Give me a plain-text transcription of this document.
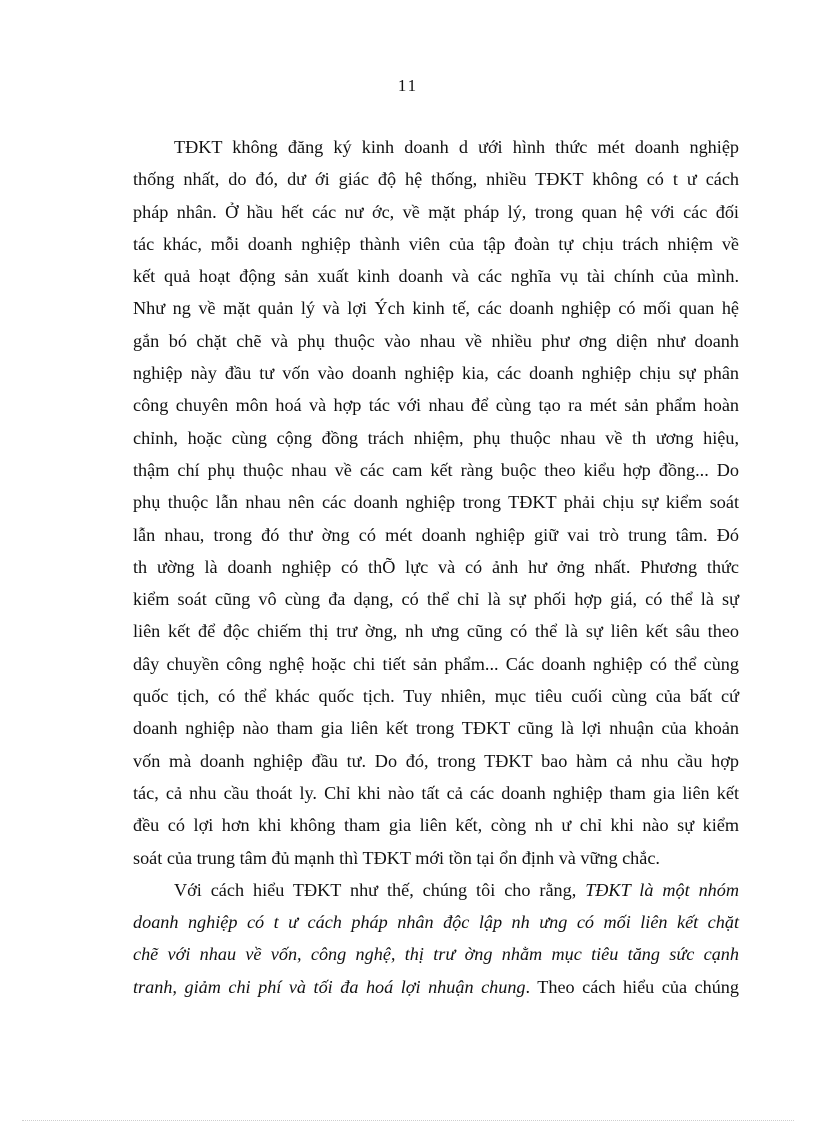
11
TĐKT không đăng ký kinh doanh d ưới hình thức mét doanh nghiệp
thống nhất, do đó, dư ới giác độ hệ thống, nhiều TĐKT không có t ư cách
pháp nhân. Ở hầu hết các nư ớc, về mặt pháp lý, trong quan hệ với các đối
tác khác, mỗi doanh nghiệp thành viên của tập đoàn tự chịu trách nhiệm về
kết quả hoạt động sản xuất kinh doanh và các nghĩa vụ tài chính của mình.
Như ng về mặt quản lý và lợi Ých kinh tế, các doanh nghiệp có mối quan hệ
gắn bó chặt chẽ và phụ thuộc vào nhau về nhiều phư ơng diện như doanh
nghiệp này đầu tư vốn vào doanh nghiệp kia, các doanh nghiệp chịu sự phân
công chuyên môn hoá và hợp tác với nhau để cùng tạo ra mét sản phẩm hoàn
chỉnh, hoặc cùng cộng đồng trách nhiệm, phụ thuộc nhau về th ương hiệu,
thậm chí phụ thuộc nhau về các cam kết ràng buộc theo kiểu hợp đồng... Do
phụ thuộc lẫn nhau nên các doanh nghiệp trong TĐKT phải chịu sự kiểm soát
lẫn nhau, trong đó thư ờng có mét doanh nghiệp giữ vai trò trung tâm. Đó
th ường là doanh nghiệp có thÕ lực và có ảnh hư ởng nhất. Phương thức
kiểm soát cũng vô cùng đa dạng, có thể chỉ là sự phối hợp giá, có thể là sự
liên kết để độc chiếm thị trư ờng, nh ưng cũng có thể là sự liên kết sâu theo
dây chuyền công nghệ hoặc chi tiết sản phẩm... Các doanh nghiệp có thể cùng
quốc tịch, có thể khác quốc tịch. Tuy nhiên, mục tiêu cuối cùng của bất cứ
doanh nghiệp nào tham gia liên kết trong TĐKT cũng là lợi nhuận của khoản
vốn mà doanh nghiệp đầu tư. Do đó, trong TĐKT bao hàm cả nhu cầu hợp
tác, cả nhu cầu thoát ly. Chỉ khi nào tất cả các doanh nghiệp tham gia liên kết
đều có lợi hơn khi không tham gia liên kết, còng nh ư chỉ khi nào sự kiểm
soát của trung tâm đủ mạnh thì TĐKT mới tồn tại ổn định và vững chắc.
Với cách hiểu TĐKT như thế, chúng tôi cho rằng, TĐKT là một nhóm
doanh nghiệp có t ư cách pháp nhân độc lập nh ưng có mối liên kết chặt
chẽ với nhau về vốn, công nghệ, thị trư ờng nhằm mục tiêu tăng sức cạnh
tranh, giảm chi phí và tối đa hoá lợi nhuận chung. Theo cách hiểu của chúng
